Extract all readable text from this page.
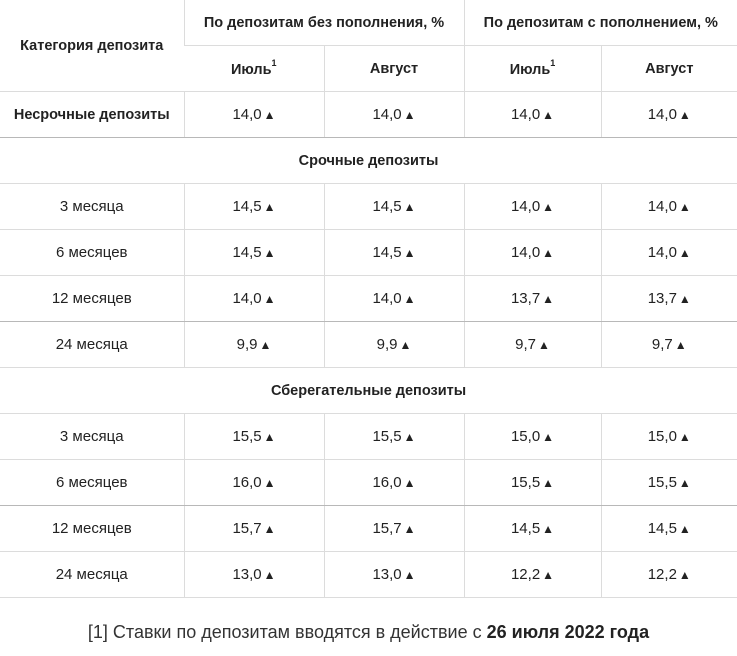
Категория депозита	По депозитам без пополнения, %		По депозитам с пополнением, %	
	Июль$^1$	Август	Июль$^1$	Август
Несрочные депозиты	14,0 ▲	14,0 ▲	14,0 ▲	14,0 ▲
Срочные депозиты				
3 месяца	14,5 ▲	14,5 ▲	14,0 ▲	14,0 ▲
6 месяцев	14,5 ▲	14,5 ▲	14,0 ▲	14,0 ▲
12 месяцев	14,0 ▲	14,0 ▲	13,7 ▲	13,7 ▲
24 месяца	9,9 ▲	9,9 ▲	9,7 ▲	9,7 ▲
Сберегательные депозиты				
3 месяца	15,5 ▲	15,5 ▲	15,0 ▲	15,0 ▲
6 месяцев	16,0 ▲	16,0 ▲	15,5 ▲	15,5 ▲
12 месяцев	15,7 ▲	15,7 ▲	14,5 ▲	14,5 ▲
24 месяца	13,0 ▲	13,0 ▲	12,2 ▲	12,2 ▲
[1] Ставки по депозитам вводятся в действие с 26 июля 2022 года
